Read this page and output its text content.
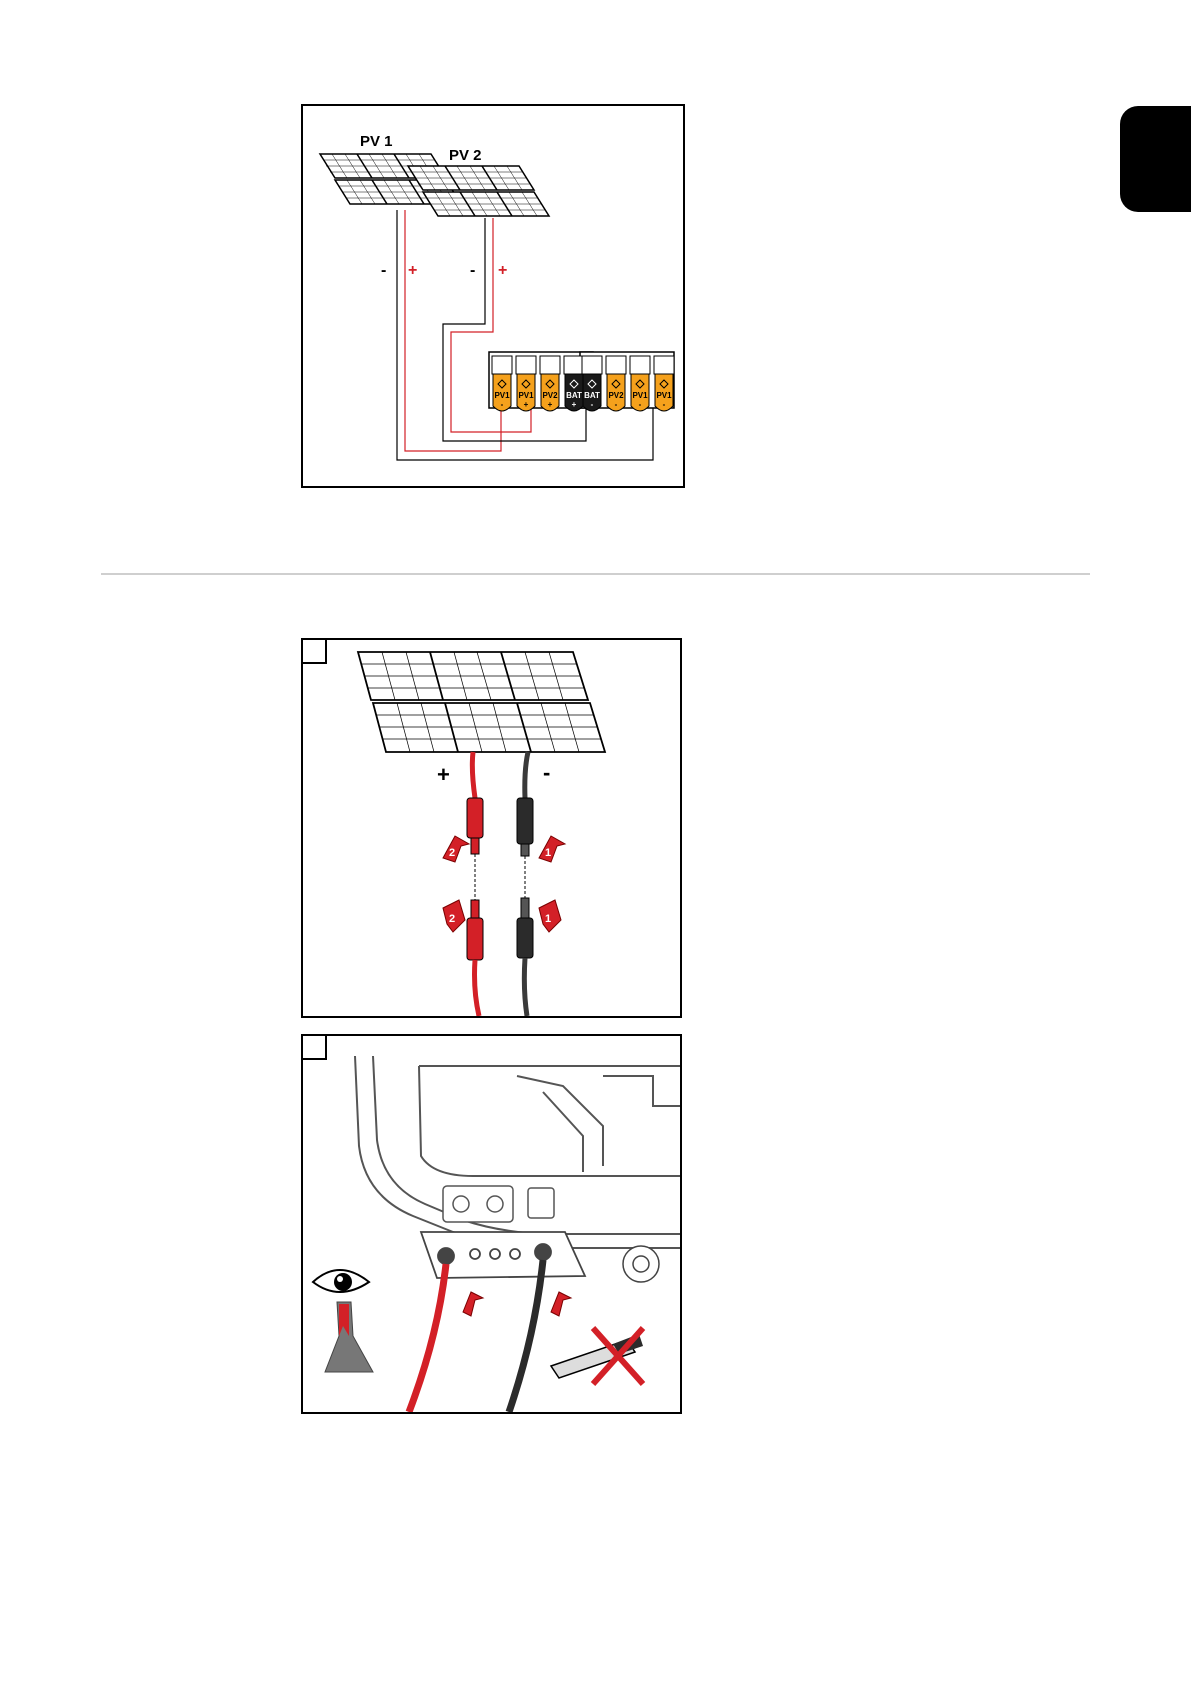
PV 1
PV 2
- +	- +
PV1
-
PV1
+
PV2
+
BAT
+
BAT
-
PV2
-
PV1
-
PV1
-
+	-
2	1
2	1
